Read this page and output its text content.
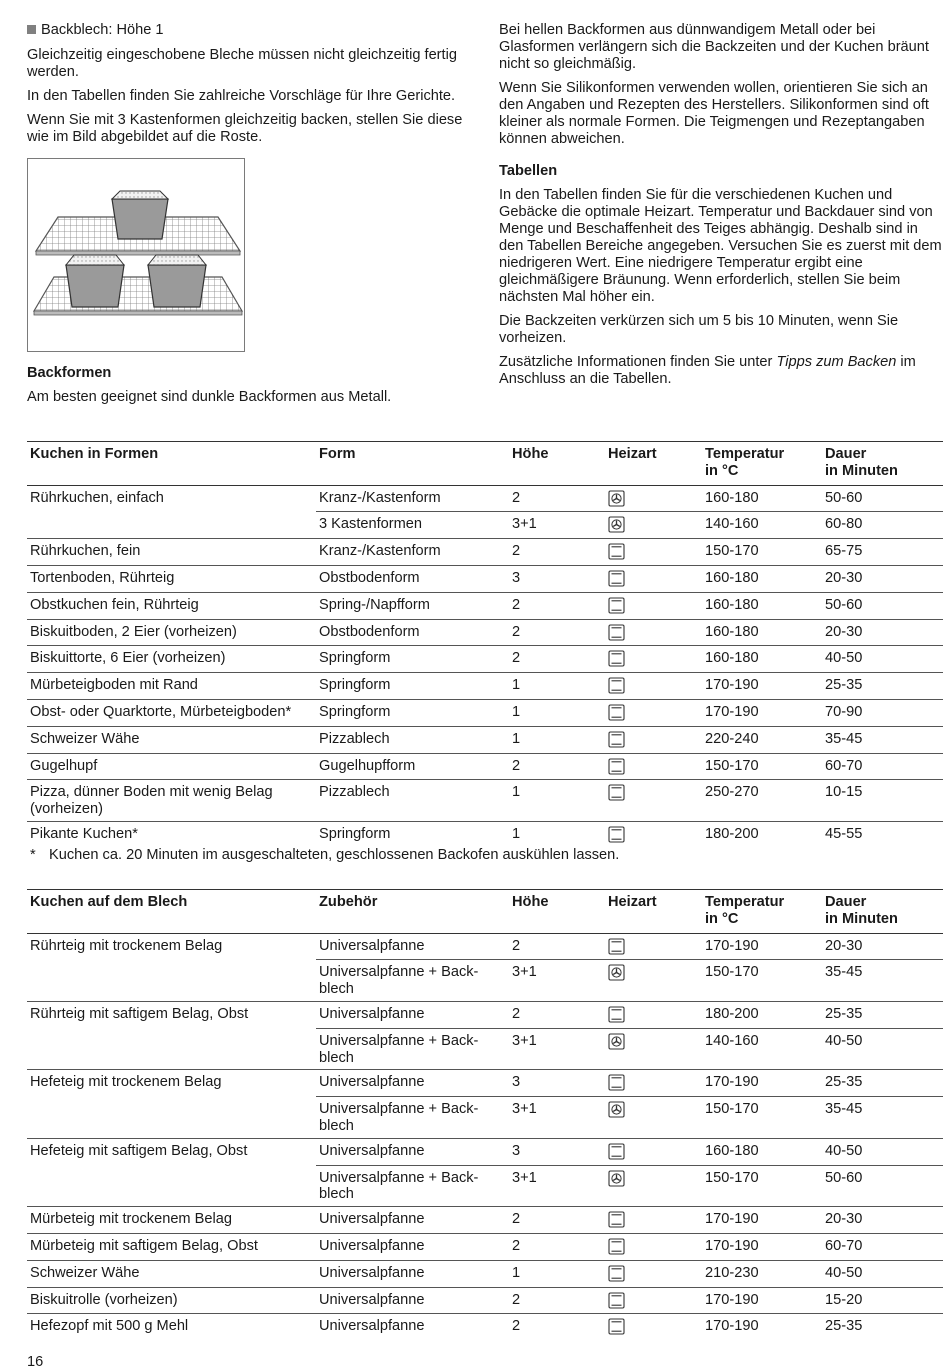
Backblech: Höhe 1

Gleichzeitig eingeschobene Bleche müssen nicht gleichzeitig fertig werden.

In den Tabellen finden Sie zahlreiche Vorschläge für Ihre Gerichte.

Wenn Sie mit 3 Kastenformen gleichzeitig backen, stellen Sie diese wie im Bild abgebildet auf die Roste.

Backformen

Am besten geeignet sind dunkle Backformen aus Metall.

Bei hellen Backformen aus dünnwandigem Metall oder bei Glasformen verlängern sich die Backzeiten und der Kuchen bräunt nicht so gleichmäßig.

Wenn Sie Silikonformen verwenden wollen, orientieren Sie sich an den Angaben und Rezepten des Herstellers. Silikonformen sind oft kleiner als normale Formen. Die Teigmengen und Rezeptangaben können abweichen.

Tabellen

In den Tabellen finden Sie für die verschiedenen Kuchen und Gebäcke die optimale Heizart. Temperatur und Backdauer sind von Menge und Beschaffenheit des Teiges abhängig. Deshalb sind in den Tabellen Bereiche angegeben. Versuchen Sie es zuerst mit dem niedrigeren Wert. Eine niedrigere Temperatur ergibt eine gleichmäßigere Bräunung. Wenn erforderlich, stellen Sie beim nächsten Mal höher ein.

Die Backzeiten verkürzen sich um 5 bis 10 Minuten, wenn Sie vorheizen.

Zusätzliche Informationen finden Sie unter Tipps zum Backen im Anschluss an die Tabellen.

Kuchen in Formen	Form	Höhe	Heizart	Temperatur
in °C	Dauer
in Minuten
Rührkuchen, einfach	Kranz-/Kastenform	2		160-180	50-60
	3 Kastenformen	3+1		140-160	60-80
Rührkuchen, fein	Kranz-/Kastenform	2		150-170	65-75
Tortenboden, Rührteig	Obstbodenform	3		160-180	20-30
Obstkuchen fein, Rührteig	Spring-/Napfform	2		160-180	50-60
Biskuitboden, 2 Eier (vorheizen)	Obstbodenform	2		160-180	20-30
Biskuittorte, 6 Eier (vorheizen)	Springform	2		160-180	40-50
Mürbeteigboden mit Rand	Springform	1		170-190	25-35
Obst- oder Quarktorte, Mürbeteigboden*	Springform	1		170-190	70-90
Schweizer Wähe	Pizzablech	1		220-240	35-45
Gugelhupf	Gugelhupfform	2		150-170	60-70
Pizza, dünner Boden mit wenig Belag
(vorheizen)	Pizzablech	1		250-270	10-15
Pikante Kuchen*	Springform	1		180-200	45-55
* Kuchen ca. 20 Minuten im ausgeschalteten, geschlossenen Backofen auskühlen lassen.
Kuchen auf dem Blech	Zubehör	Höhe	Heizart	Temperatur
in °C	Dauer
in Minuten
Rührteig mit trockenem Belag	Universalpfanne	2		170-190	20-30
	Universalpfanne + Back-
blech	3+1		150-170	35-45
Rührteig mit saftigem Belag, Obst	Universalpfanne	2		180-200	25-35
	Universalpfanne + Back-
blech	3+1		140-160	40-50
Hefeteig mit trockenem Belag	Universalpfanne	3		170-190	25-35
	Universalpfanne + Back-
blech	3+1		150-170	35-45
Hefeteig mit saftigem Belag, Obst	Universalpfanne	3		160-180	40-50
	Universalpfanne + Back-
blech	3+1		150-170	50-60
Mürbeteig mit trockenem Belag	Universalpfanne	2		170-190	20-30
Mürbeteig mit saftigem Belag, Obst	Universalpfanne	2		170-190	60-70
Schweizer Wähe	Universalpfanne	1		210-230	40-50
Biskuitrolle (vorheizen)	Universalpfanne	2		170-190	15-20
Hefezopf mit 500 g Mehl	Universalpfanne	2		170-190	25-35
16
